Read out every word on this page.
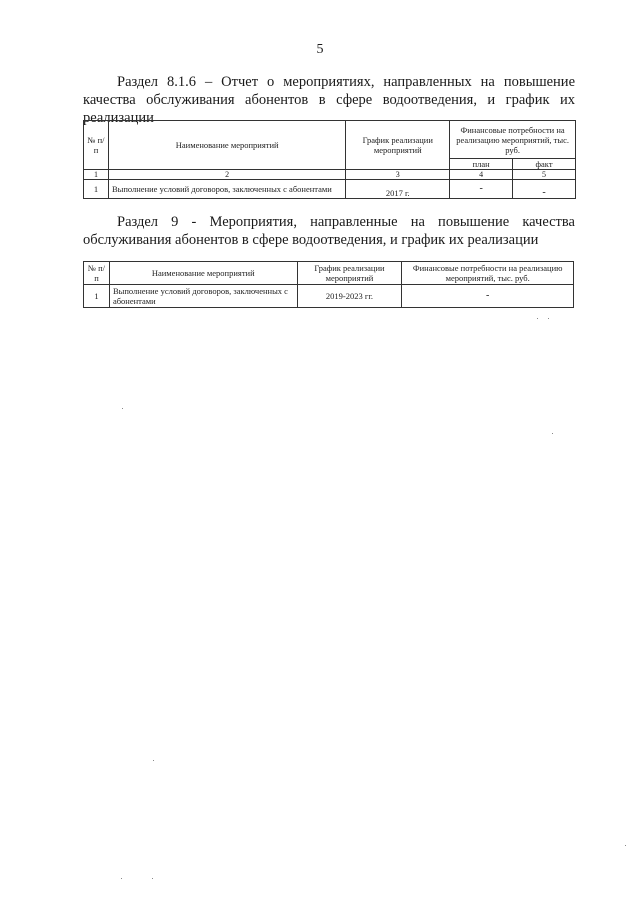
5
Раздел 8.1.6 – Отчет о мероприятиях, направленных на повышение качества обслуживания абонентов в сфере водоотведения, и график их реализации
№ п/п	Наименование мероприятий	График реализации мероприятий	Финансовые потребности на реализацию мероприятий, тыс. руб.	
			план	факт
1	2	3	4	5
1	Выполнение условий договоров, заключенных с абонентами	2017 г.	-	-
Раздел 9 - Мероприятия, направленные на повышение качества обслуживания абонентов в сфере водоотведения, и график их реализации
№ п/п	Наименование мероприятий	График реализации мероприятий	Финансовые потребности на реализацию мероприятий, тыс. руб.
1	Выполнение условий договоров, заключенных с абонентами	2019-2023 гг.	-
